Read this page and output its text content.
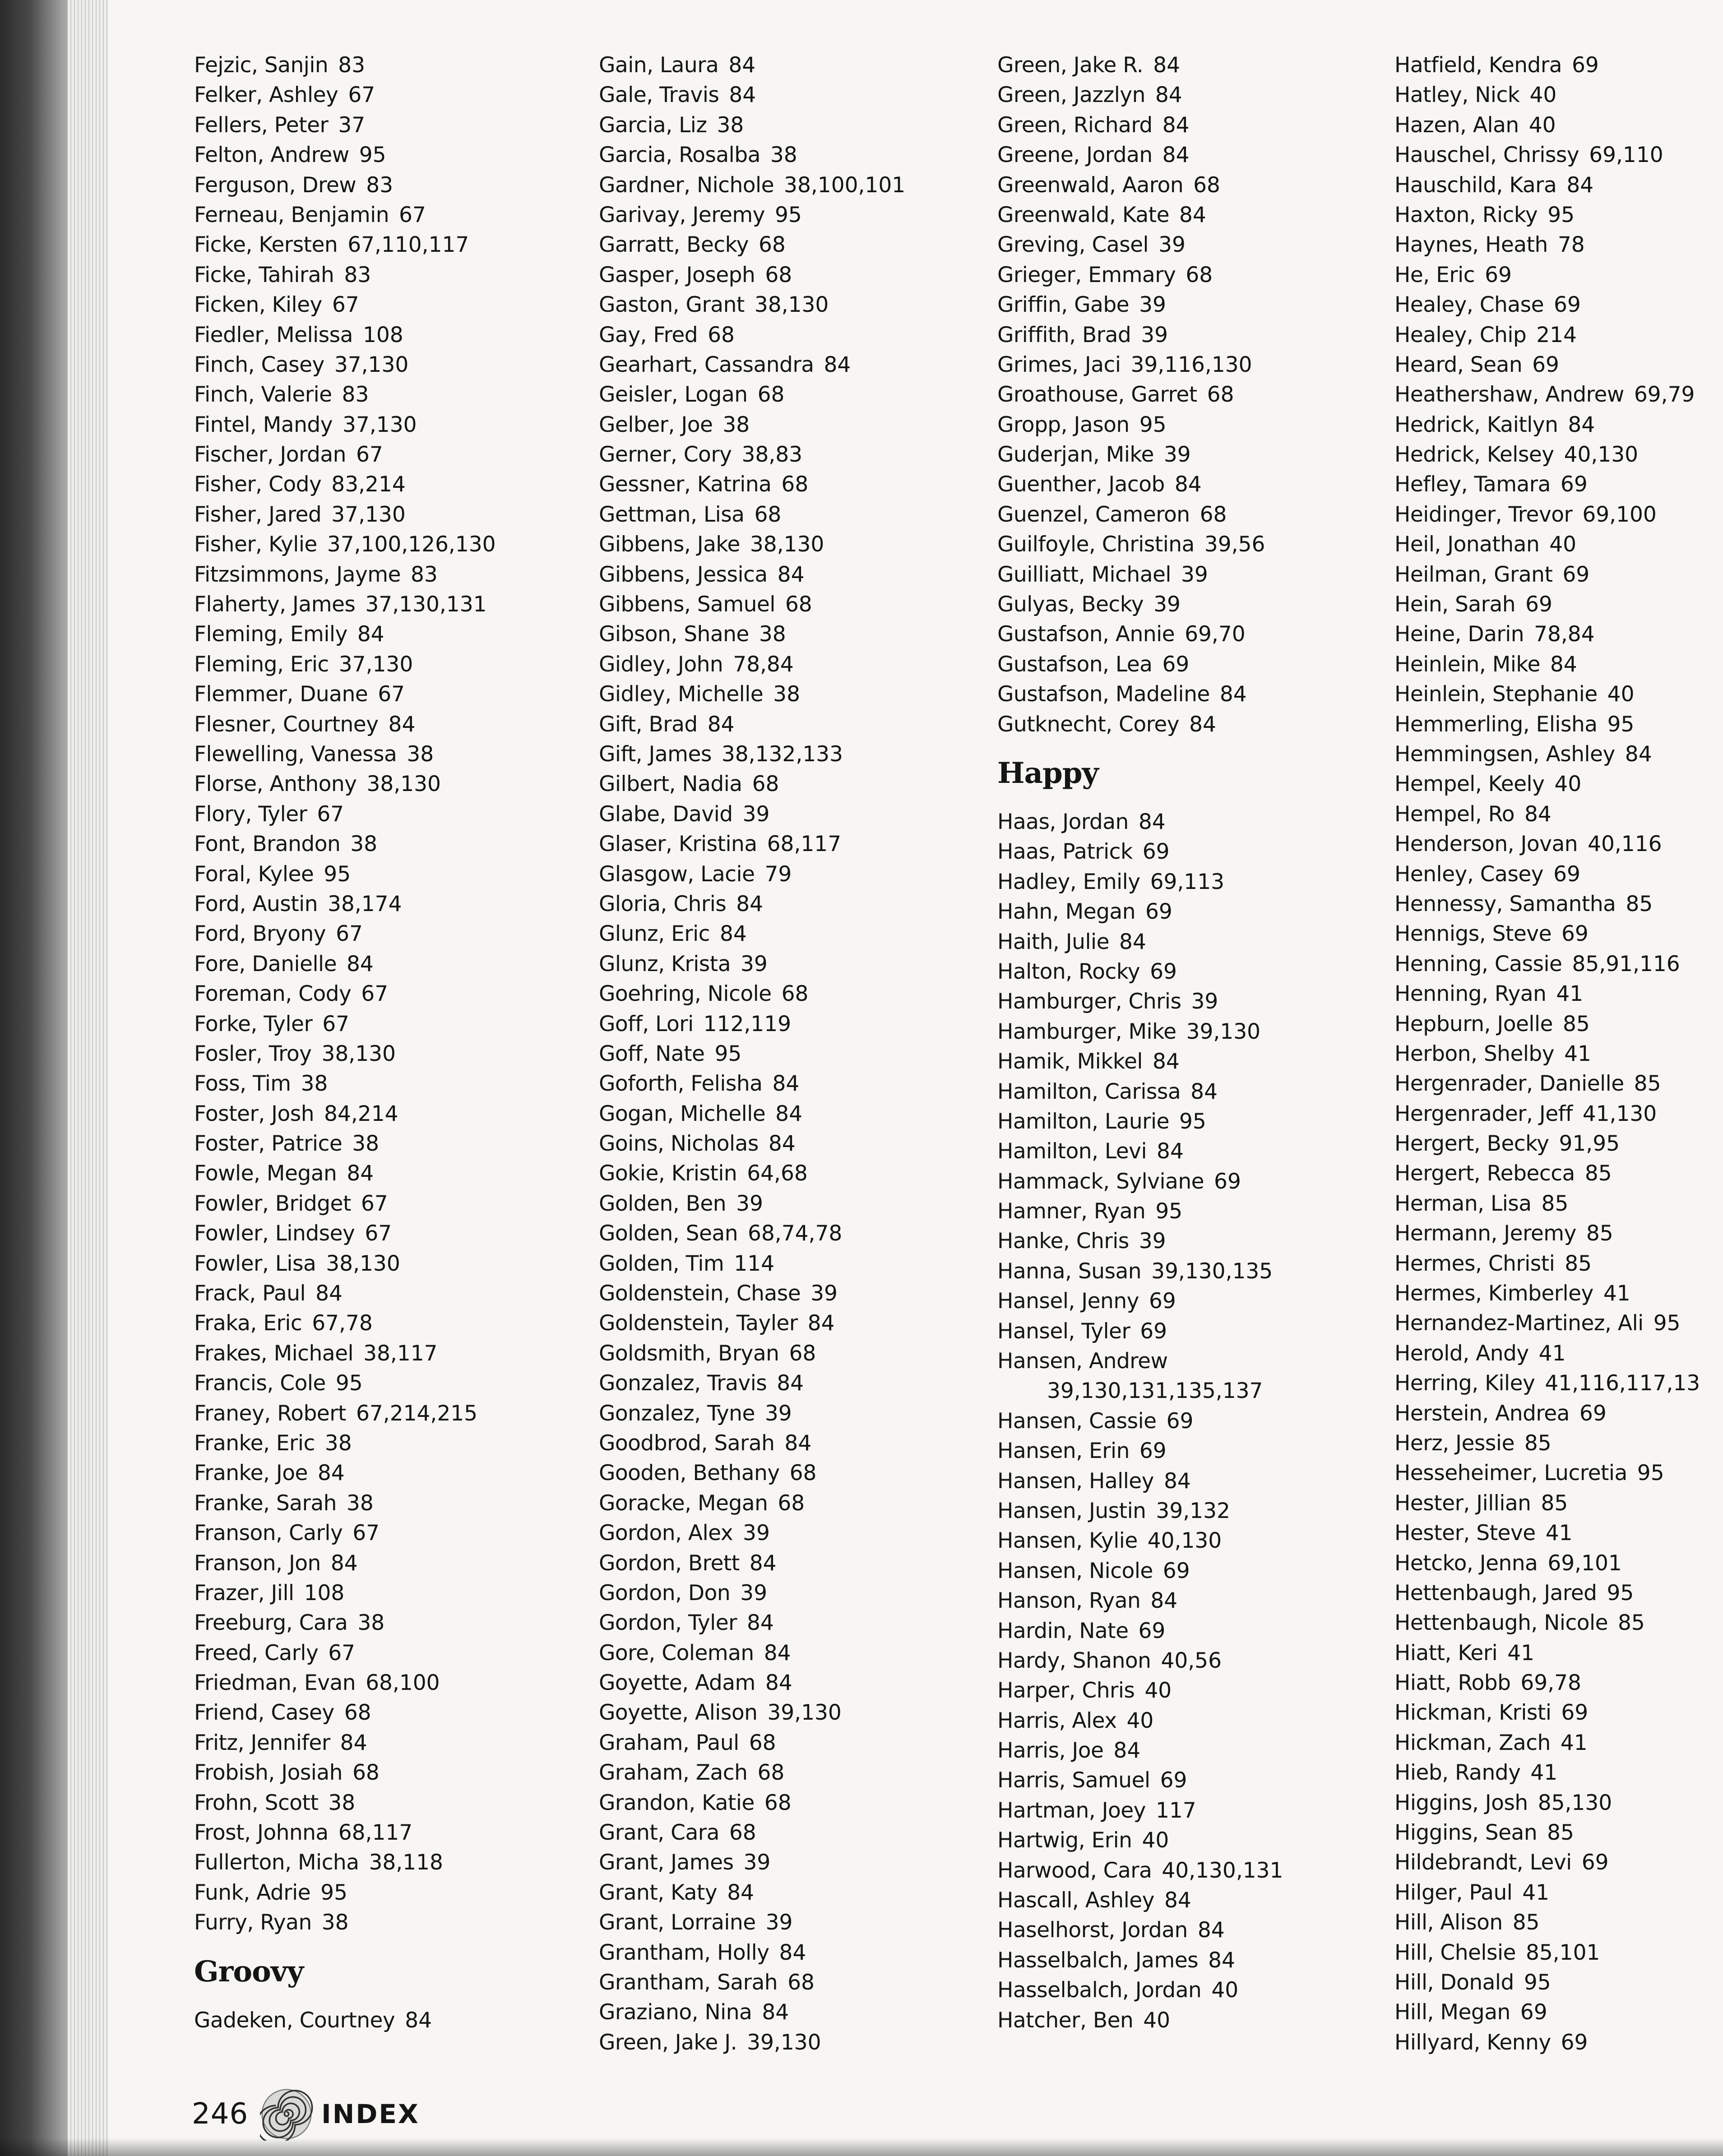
Fejzic, Sanjin 83
Felker, Ashley 67
Fellers, Peter 37
Felton, Andrew 95
Ferguson, Drew 83
Ferneau, Benjamin 67
Ficke, Kersten 67,110,117
Ficke, Tahirah 83
Ficken, Kiley 67
Fiedler, Melissa 108
Finch, Casey 37,130
Finch, Valerie 83
Fintel, Mandy 37,130
Fischer, Jordan 67
Fisher, Cody 83,214
Fisher, Jared 37,130
Fisher, Kylie 37,100,126,130
Fitzsimmons, Jayme 83
Flaherty, James 37,130,131
Fleming, Emily 84
Fleming, Eric 37,130
Flemmer, Duane 67
Flesner, Courtney 84
Flewelling, Vanessa 38
Florse, Anthony 38,130
Flory, Tyler 67
Font, Brandon 38
Foral, Kylee 95
Ford, Austin 38,174
Ford, Bryony 67
Fore, Danielle 84
Foreman, Cody 67
Forke, Tyler 67
Fosler, Troy 38,130
Foss, Tim 38
Foster, Josh 84,214
Foster, Patrice 38
Fowle, Megan 84
Fowler, Bridget 67
Fowler, Lindsey 67
Fowler, Lisa 38,130
Frack, Paul 84
Fraka, Eric 67,78
Frakes, Michael 38,117
Francis, Cole 95
Franey, Robert 67,214,215
Franke, Eric 38
Franke, Joe 84
Franke, Sarah 38
Franson, Carly 67
Franson, Jon 84
Frazer, Jill 108
Freeburg, Cara 38
Freed, Carly 67
Friedman, Evan 68,100
Friend, Casey 68
Fritz, Jennifer 84
Frobish, Josiah 68
Frohn, Scott 38
Frost, Johnna 68,117
Fullerton, Micha 38,118
Funk, Adrie 95
Furry, Ryan 38
Groovy
Gadeken, Courtney 84
Gain, Laura 84
Gale, Travis 84
Garcia, Liz 38
Garcia, Rosalba 38
Gardner, Nichole 38,100,101
Garivay, Jeremy 95
Garratt, Becky 68
Gasper, Joseph 68
Gaston, Grant 38,130
Gay, Fred 68
Gearhart, Cassandra 84
Geisler, Logan 68
Gelber, Joe 38
Gerner, Cory 38,83
Gessner, Katrina 68
Gettman, Lisa 68
Gibbens, Jake 38,130
Gibbens, Jessica 84
Gibbens, Samuel 68
Gibson, Shane 38
Gidley, John 78,84
Gidley, Michelle 38
Gift, Brad 84
Gift, James 38,132,133
Gilbert, Nadia 68
Glabe, David 39
Glaser, Kristina 68,117
Glasgow, Lacie 79
Gloria, Chris 84
Glunz, Eric 84
Glunz, Krista 39
Goehring, Nicole 68
Goff, Lori 112,119
Goff, Nate 95
Goforth, Felisha 84
Gogan, Michelle 84
Goins, Nicholas 84
Gokie, Kristin 64,68
Golden, Ben 39
Golden, Sean 68,74,78
Golden, Tim 114
Goldenstein, Chase 39
Goldenstein, Tayler 84
Goldsmith, Bryan 68
Gonzalez, Travis 84
Gonzalez, Tyne 39
Goodbrod, Sarah 84
Gooden, Bethany 68
Goracke, Megan 68
Gordon, Alex 39
Gordon, Brett 84
Gordon, Don 39
Gordon, Tyler 84
Gore, Coleman 84
Goyette, Adam 84
Goyette, Alison 39,130
Graham, Paul 68
Graham, Zach 68
Grandon, Katie 68
Grant, Cara 68
Grant, James 39
Grant, Katy 84
Grant, Lorraine 39
Grantham, Holly 84
Grantham, Sarah 68
Graziano, Nina 84
Green, Jake J. 39,130
Green, Jake R. 84
Green, Jazzlyn 84
Green, Richard 84
Greene, Jordan 84
Greenwald, Aaron 68
Greenwald, Kate 84
Greving, Casel 39
Grieger, Emmary 68
Griffin, Gabe 39
Griffith, Brad 39
Grimes, Jaci 39,116,130
Groathouse, Garret 68
Gropp, Jason 95
Guderjan, Mike 39
Guenther, Jacob 84
Guenzel, Cameron 68
Guilfoyle, Christina 39,56
Guilliatt, Michael 39
Gulyas, Becky 39
Gustafson, Annie 69,70
Gustafson, Lea 69
Gustafson, Madeline 84
Gutknecht, Corey 84
Happy
Haas, Jordan 84
Haas, Patrick 69
Hadley, Emily 69,113
Hahn, Megan 69
Haith, Julie 84
Halton, Rocky 69
Hamburger, Chris 39
Hamburger, Mike 39,130
Hamik, Mikkel 84
Hamilton, Carissa 84
Hamilton, Laurie 95
Hamilton, Levi 84
Hammack, Sylviane 69
Hamner, Ryan 95
Hanke, Chris 39
Hanna, Susan 39,130,135
Hansel, Jenny 69
Hansel, Tyler 69
Hansen, Andrew
39,130,131,135,137
Hansen, Cassie 69
Hansen, Erin 69
Hansen, Halley 84
Hansen, Justin 39,132
Hansen, Kylie 40,130
Hansen, Nicole 69
Hanson, Ryan 84
Hardin, Nate 69
Hardy, Shanon 40,56
Harper, Chris 40
Harris, Alex 40
Harris, Joe 84
Harris, Samuel 69
Hartman, Joey 117
Hartwig, Erin 40
Harwood, Cara 40,130,131
Hascall, Ashley 84
Haselhorst, Jordan 84
Hasselbalch, James 84
Hasselbalch, Jordan 40
Hatcher, Ben 40
Hatfield, Kendra 69
Hatley, Nick 40
Hazen, Alan 40
Hauschel, Chrissy 69,110
Hauschild, Kara 84
Haxton, Ricky 95
Haynes, Heath 78
He, Eric 69
Healey, Chase 69
Healey, Chip 214
Heard, Sean 69
Heathershaw, Andrew 69,79
Hedrick, Kaitlyn 84
Hedrick, Kelsey 40,130
Hefley, Tamara 69
Heidinger, Trevor 69,100
Heil, Jonathan 40
Heilman, Grant 69
Hein, Sarah 69
Heine, Darin 78,84
Heinlein, Mike 84
Heinlein, Stephanie 40
Hemmerling, Elisha 95
Hemmingsen, Ashley 84
Hempel, Keely 40
Hempel, Ro 84
Henderson, Jovan 40,116
Henley, Casey 69
Hennessy, Samantha 85
Hennigs, Steve 69
Henning, Cassie 85,91,116
Henning, Ryan 41
Hepburn, Joelle 85
Herbon, Shelby 41
Hergenrader, Danielle 85
Hergenrader, Jeff 41,130
Hergert, Becky 91,95
Hergert, Rebecca 85
Herman, Lisa 85
Hermann, Jeremy 85
Hermes, Christi 85
Hermes, Kimberley 41
Hernandez-Martinez, Ali 95
Herold, Andy 41
Herring, Kiley 41,116,117,13
Herstein, Andrea 69
Herz, Jessie 85
Hesseheimer, Lucretia 95
Hester, Jillian 85
Hester, Steve 41
Hetcko, Jenna 69,101
Hettenbaugh, Jared 95
Hettenbaugh, Nicole 85
Hiatt, Keri 41
Hiatt, Robb 69,78
Hickman, Kristi 69
Hickman, Zach 41
Hieb, Randy 41
Higgins, Josh 85,130
Higgins, Sean 85
Hildebrandt, Levi 69
Hilger, Paul 41
Hill, Alison 85
Hill, Chelsie 85,101
Hill, Donald 95
Hill, Megan 69
Hillyard, Kenny 69
246	INDEX
